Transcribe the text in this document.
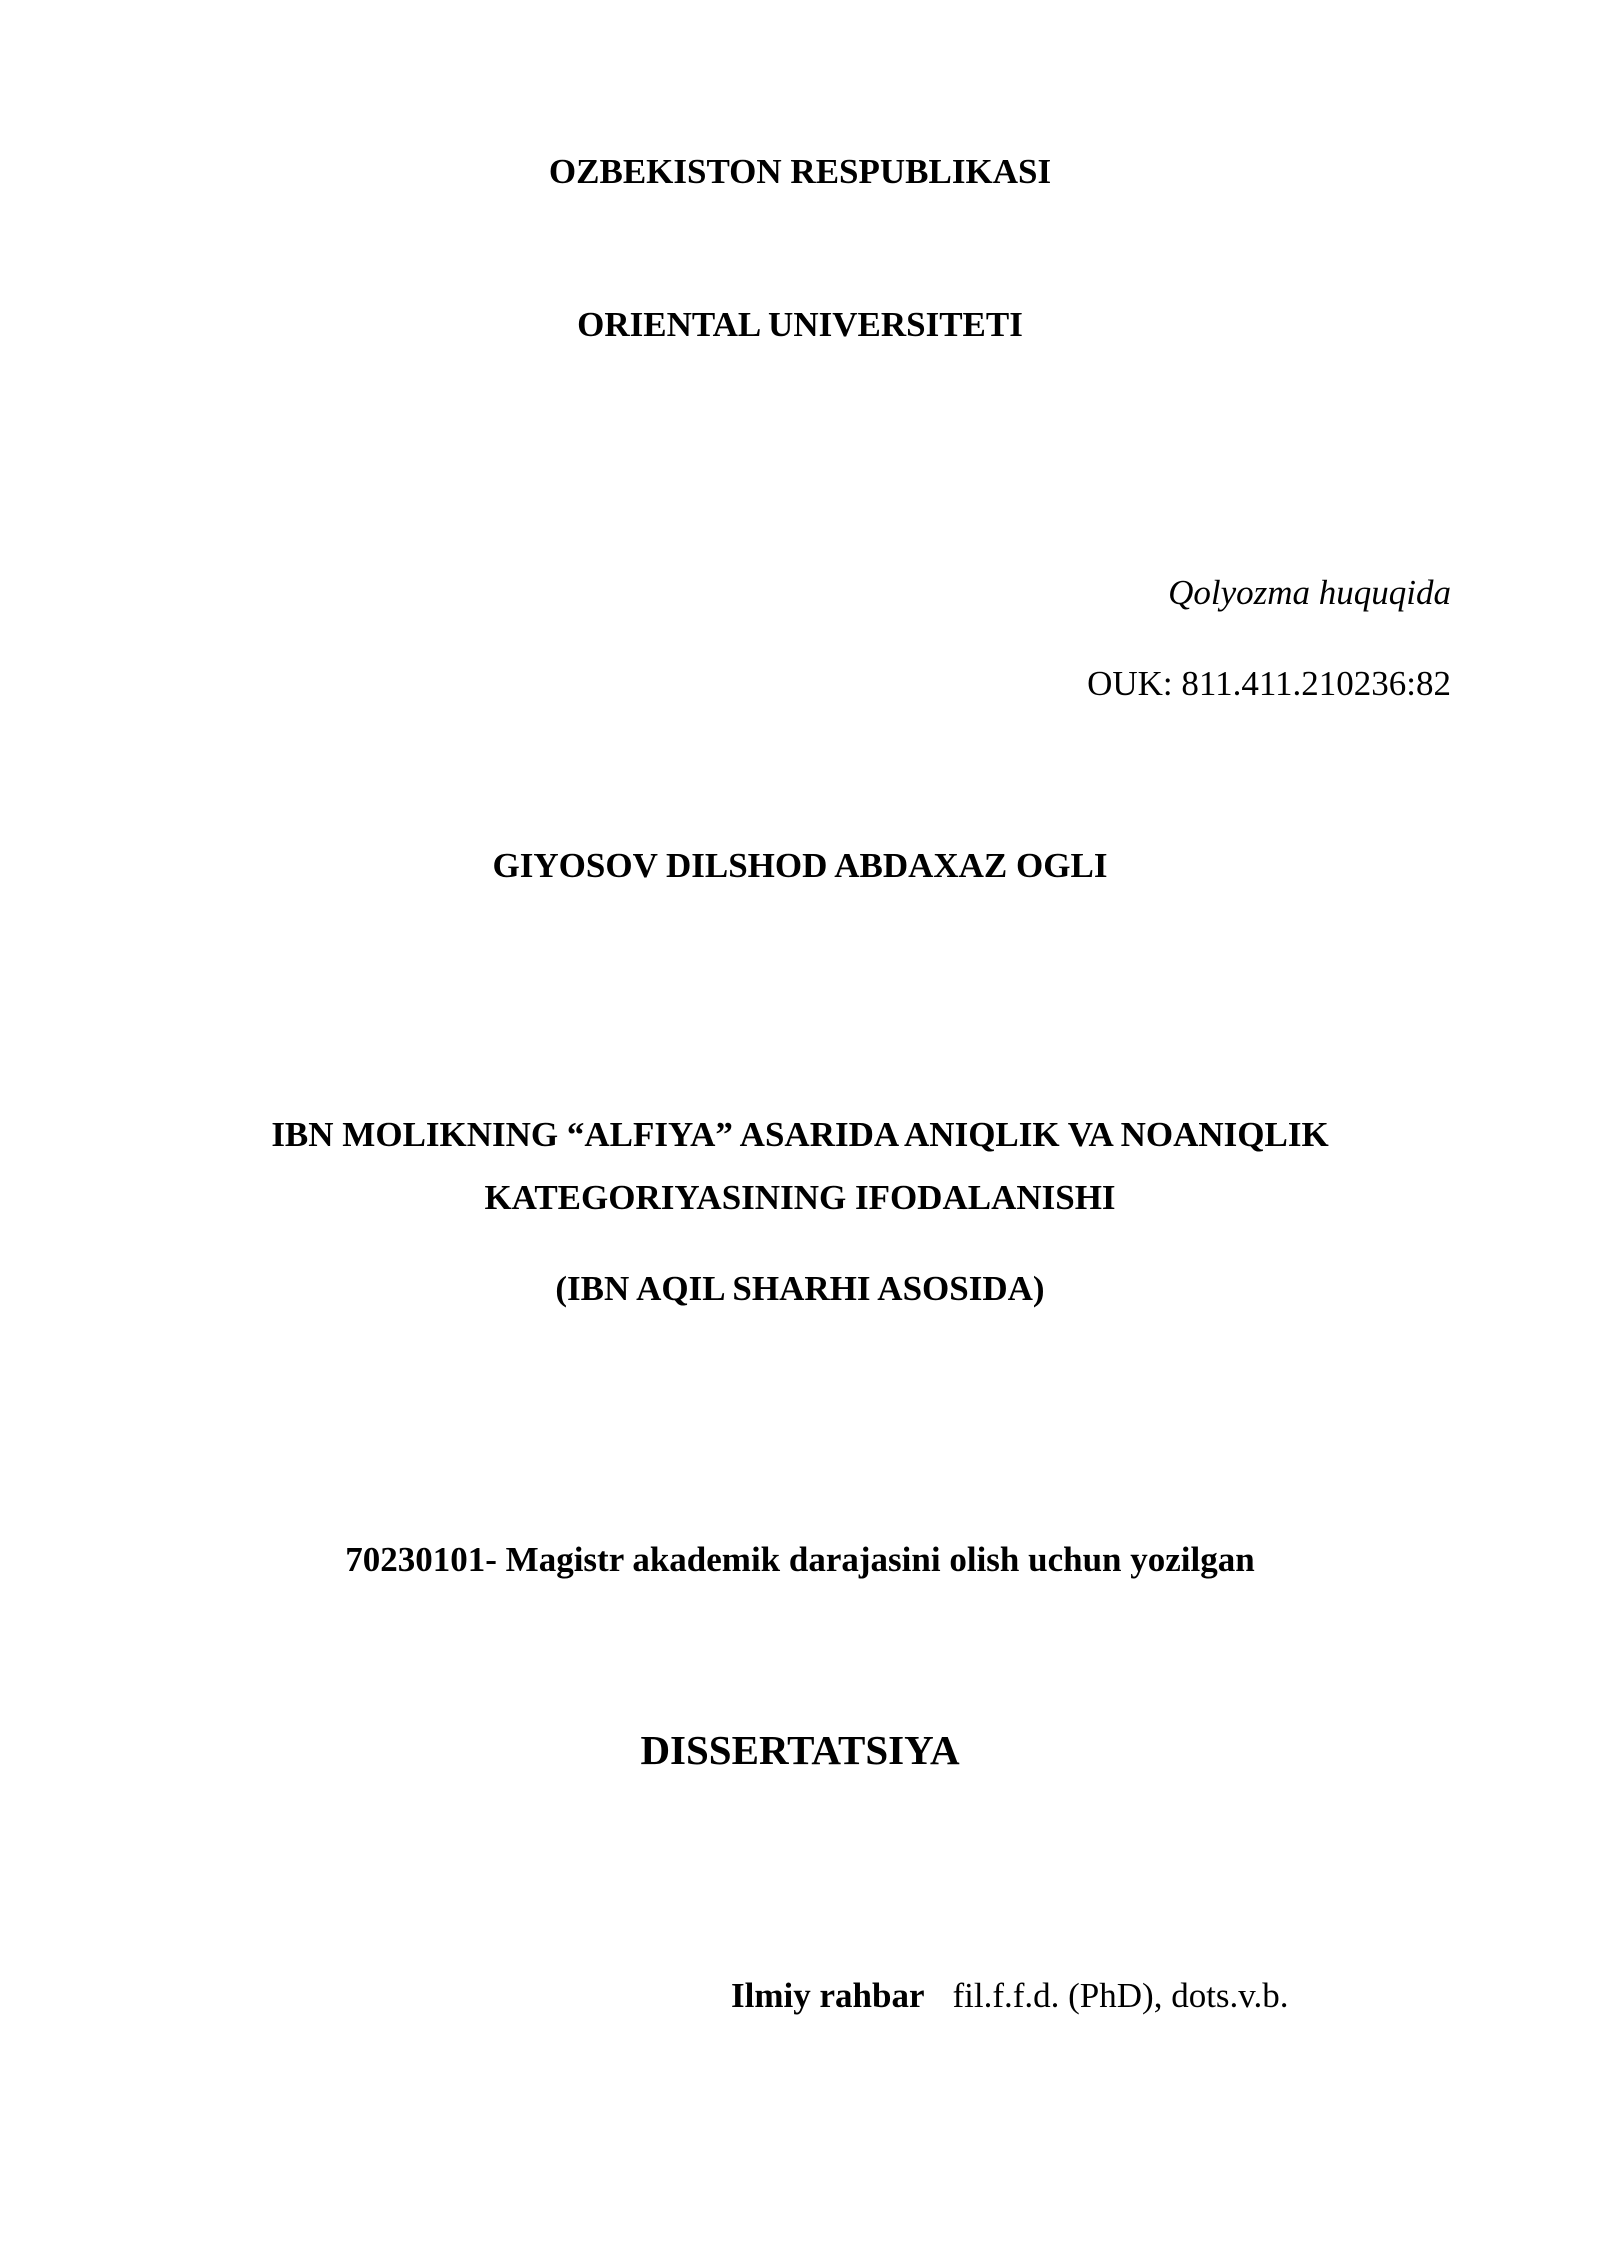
OZBEKISTON RESPUBLIKASI
ORIENTAL UNIVERSITETI
Qolyozma huquqida
OUK: 811.411.210236:82
GIYOSOV DILSHOD ABDAXAZ OGLI
IBN MOLIKNING “ALFIYA” ASARIDA ANIQLIK VA NOANIQLIK
KATEGORIYASINING IFODALANISHI
(IBN AQIL SHARHI ASOSIDA)
70230101- Magistr akademik darajasini olish uchun yozilgan
DISSERTATSIYA
Ilmiy rahbar fil.f.f.d. (PhD), dots.v.b.
